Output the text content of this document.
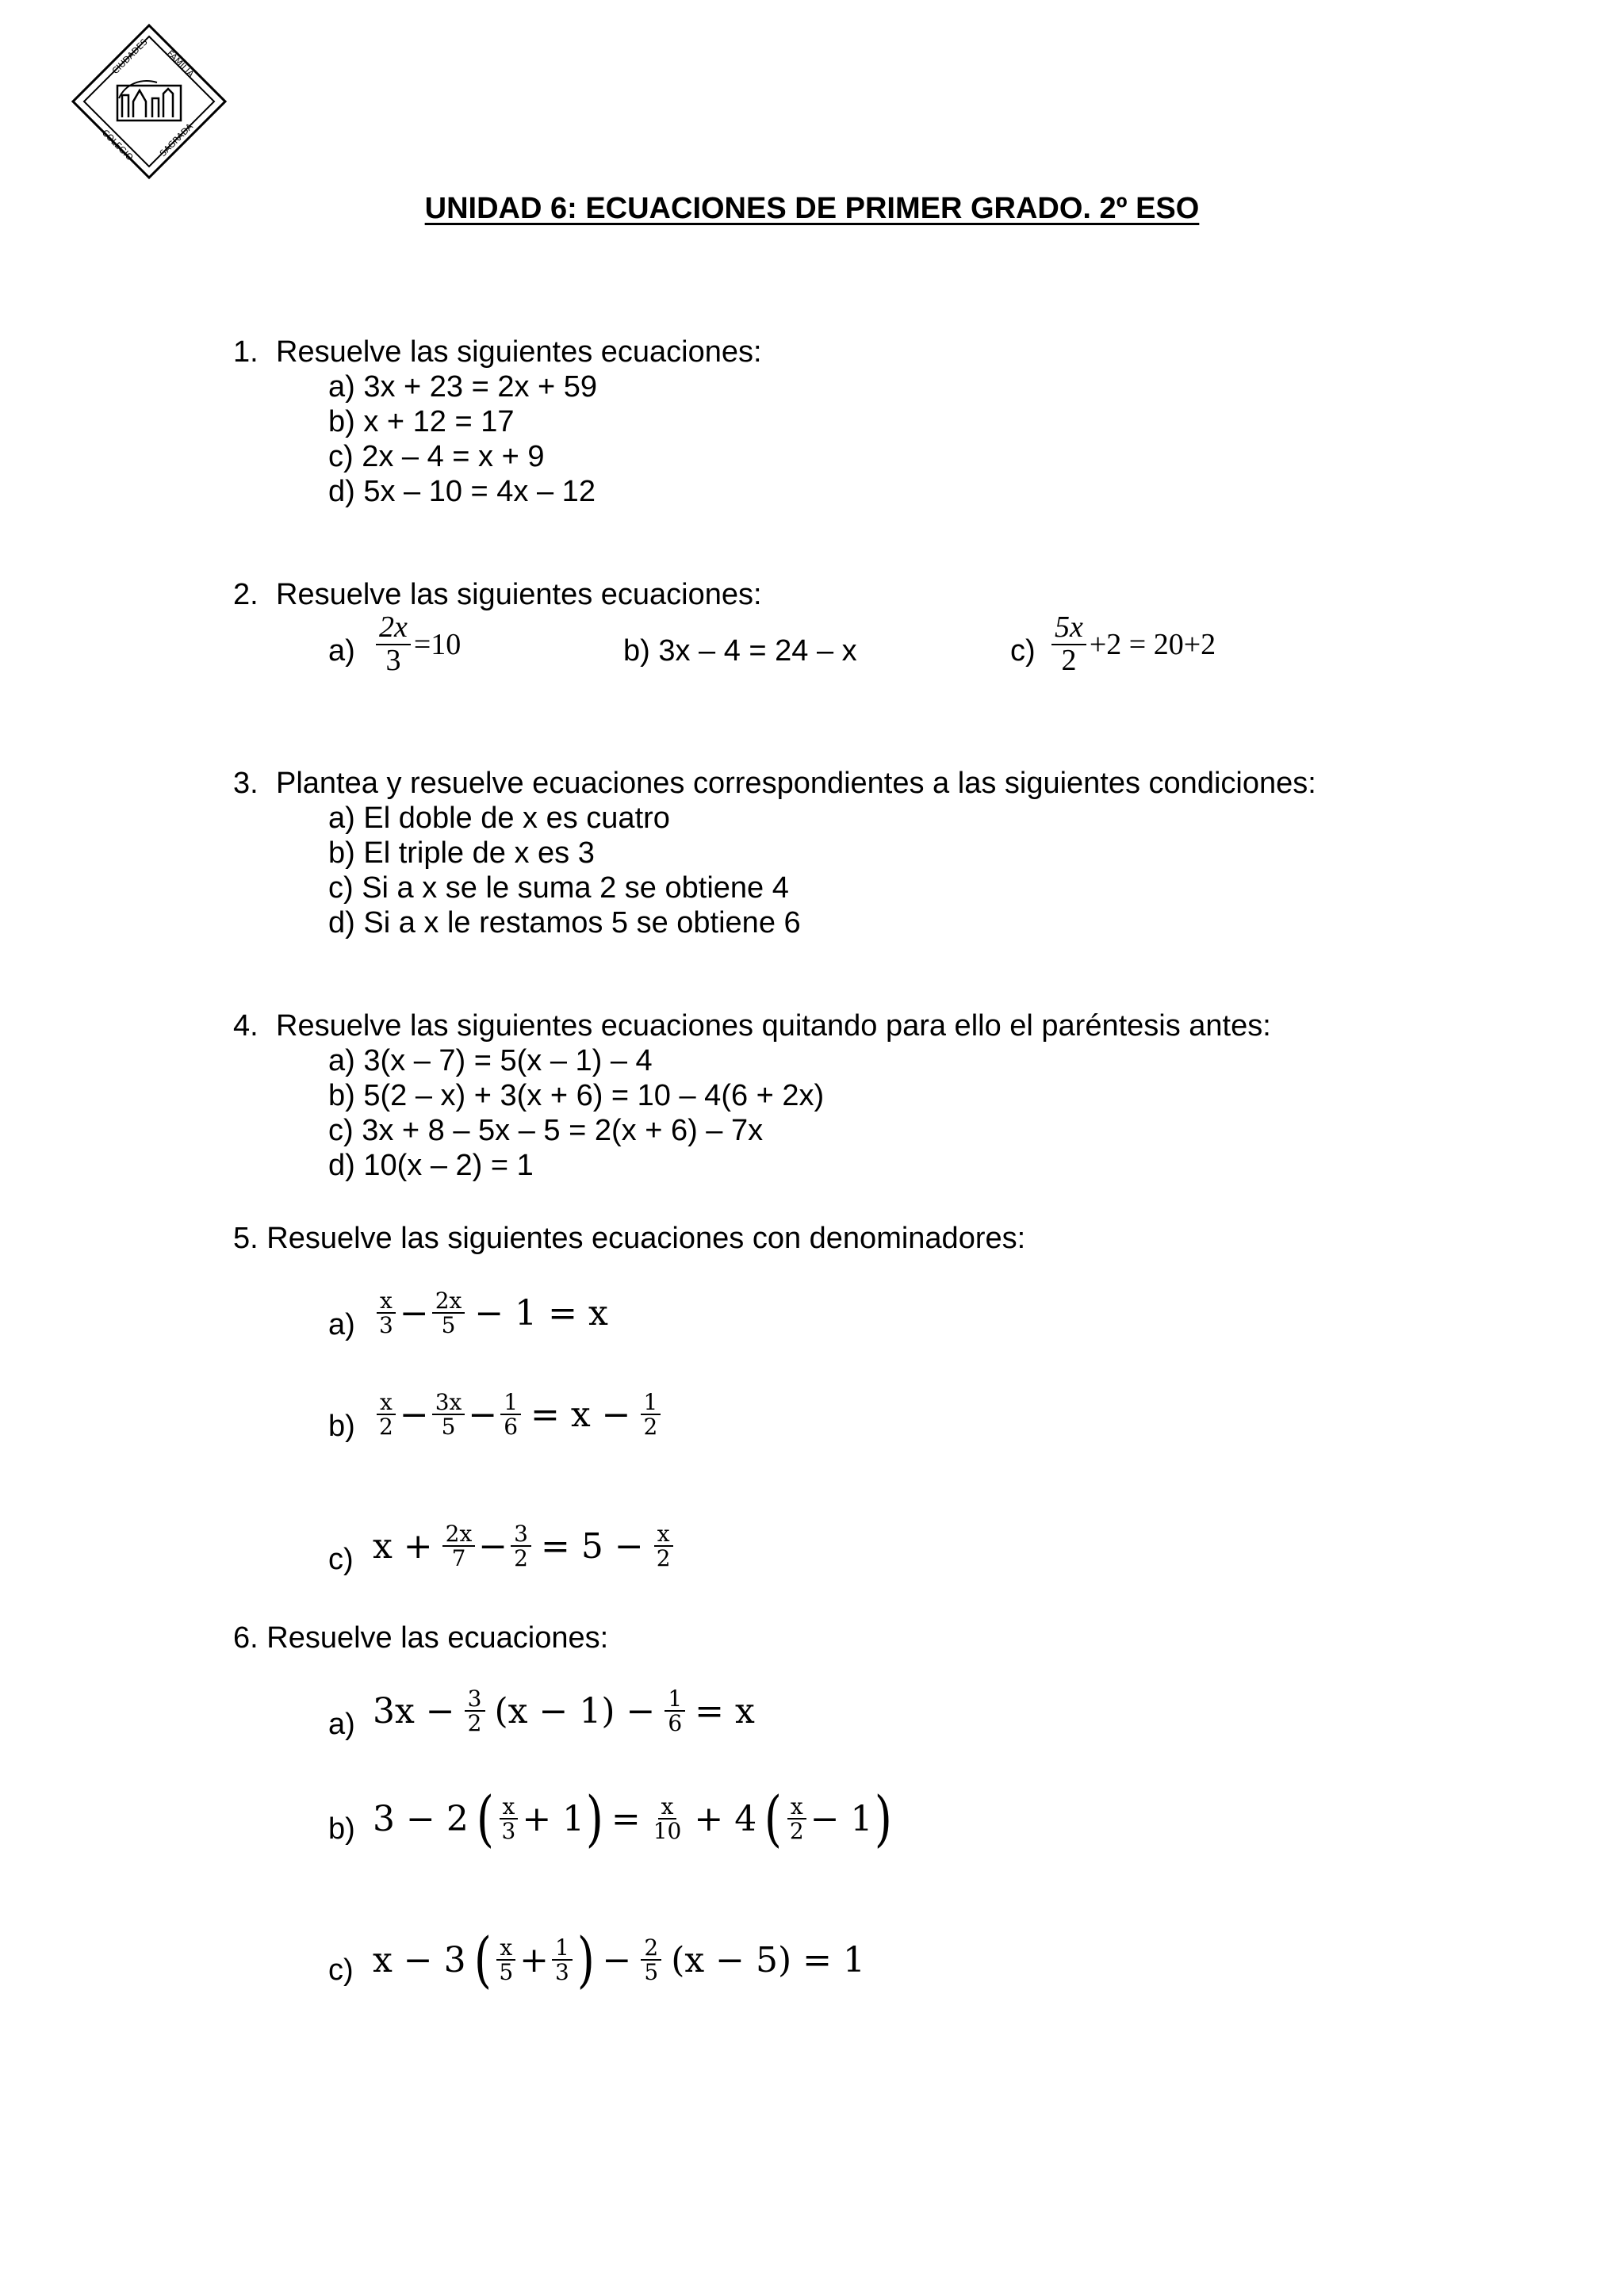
CIUDADES FAMILIA
COLEGIO	SAGRADA
UNIDAD 6: ECUACIONES DE PRIMER GRADO. 2º ESO
1. Resuelve las siguientes ecuaciones:
a) 3x + 23 = 2x + 59
b) x + 12 = 17
c) 2x – 4 = x + 9
d) 5x – 10 = 4x – 12
2. Resuelve las siguientes ecuaciones:
$a) \frac{2x}{3} =10$	b) 3x – 4 = 24 – x	$c) \frac{5x}{2} +2 = 20+2$
3. Plantea y resuelve ecuaciones correspondientes a las siguientes condiciones:
a) El doble de x es cuatro
b) El triple de x es 3
c) Si a x se le suma 2 se obtiene 4
d) Si a x le restamos 5 se obtiene 6
4. Resuelve las siguientes ecuaciones quitando para ello el paréntesis antes:
a) 3(x – 7) = 5(x – 1) – 4
b) 5(2 – x) + 3(x + 6) = 10 – 4(6 + 2x)
c) 3x + 8 – 5x – 5 = 2(x + 6) – 7x
d) 10(x – 2) = 1
5. Resuelve las siguientes ecuaciones con denominadores:
$a) \frac{x}{3} - \frac{2x}{5} - 1 = x$
$b) \frac{x}{2} - \frac{3x}{5} - \frac{1}{6} = x - \frac{1}{2}$
c) $x + \frac{2x}{7} - \frac{3}{2} = 5 - \frac{x}{2}$
6. Resuelve las ecuaciones:
a) $3x - \frac{3}{2} (x - 1) - \frac{1}{6} = x$
b) 3 − 2 ( $\frac{x}{3} + 1$ ) = $\frac{x}{10} + 4$ ( $\frac{x}{2} - 1$ )
c) x − 3 ( $\frac{x}{5} + \frac{1}{3}$ ) − $\frac{2}{5} (x - 5) = 1$
